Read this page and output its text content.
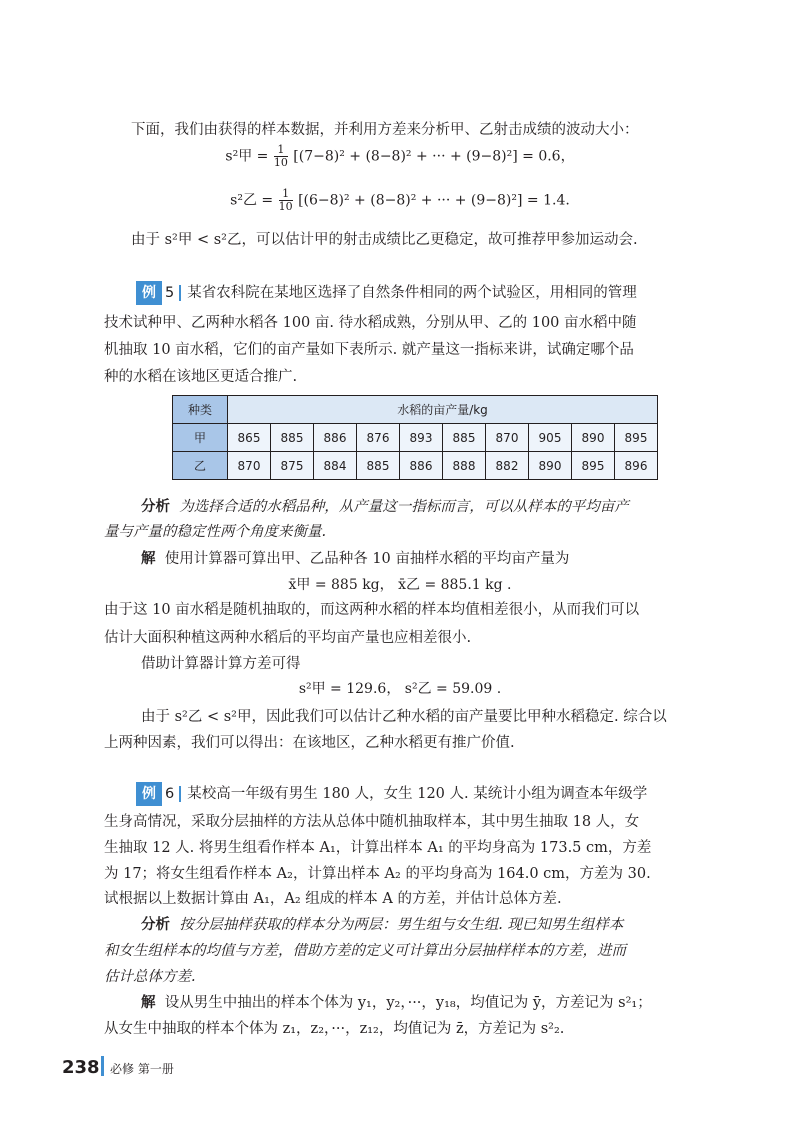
下面，我们由获得的样本数据，并利用方差来分析甲、乙射击成绩的波动大小：
s²甲 = $\frac{1}{10} [(7-8)^2 + (8-8)^2$ + ··· + (9−8)²] = 0.6，
s²乙 = $\frac{1}{10} [(6-8)^2 + (8-8)^2$ + ··· + (9−8)²] = 1.4.
由于 s²甲 < s²乙，可以估计甲的射击成绩比乙更稳定，故可推荐甲参加运动会.
例 5 某省农科院在某地区选择了自然条件相同的两个试验区，用相同的管理
技术试种甲、乙两种水稻各 100 亩. 待水稻成熟，分别从甲、乙的 100 亩水稻中随
机抽取 10 亩水稻，它们的亩产量如下表所示. 就产量这一指标来讲，试确定哪个品
种的水稻在该地区更适合推广.
种类	水稻的亩产量/kg									
甲	865	885	886	876	893	885	870	905	890	895
乙	870	875	884	885	886	888	882	890	895	896
分析 为选择合适的水稻品种，从产量这一指标而言，可以从样本的平均亩产
量与产量的稳定性两个角度来衡量.
解 使用计算器可算出甲、乙品种各 10 亩抽样水稻的平均亩产量为
x̄甲 = 885 kg， x̄乙 = 885.1 kg .
由于这 10 亩水稻是随机抽取的，而这两种水稻的样本均值相差很小，从而我们可以
估计大面积种植这两种水稻后的平均亩产量也应相差很小.
借助计算器计算方差可得
s²甲 = 129.6， s²乙 = 59.09 .
由于 s²乙 < s²甲，因此我们可以估计乙种水稻的亩产量要比甲种水稻稳定. 综合以
上两种因素，我们可以得出：在该地区，乙种水稻更有推广价值.
例 6 某校高一年级有男生 180 人，女生 120 人. 某统计小组为调查本年级学
生身高情况，采取分层抽样的方法从总体中随机抽取样本，其中男生抽取 18 人，女
生抽取 12 人. 将男生组看作样本 A₁，计算出样本 A₁ 的平均身高为 173.5 cm，方差
为 17；将女生组看作样本 A₂，计算出样本 A₂ 的平均身高为 164.0 cm，方差为 30.
试根据以上数据计算由 A₁，A₂ 组成的样本 A 的方差，并估计总体方差.
分析 按分层抽样获取的样本分为两层：男生组与女生组. 现已知男生组样本
和女生组样本的均值与方差，借助方差的定义可计算出分层抽样样本的方差，进而
估计总体方差.
解 设从男生中抽出的样本个体为 y₁，y₂，···，y₁₈，均值记为 ȳ，方差记为 s²₁；
从女生中抽取的样本个体为 z₁，z₂，···，z₁₂，均值记为 z̄，方差记为 s²₂.
238 必修 第一册
